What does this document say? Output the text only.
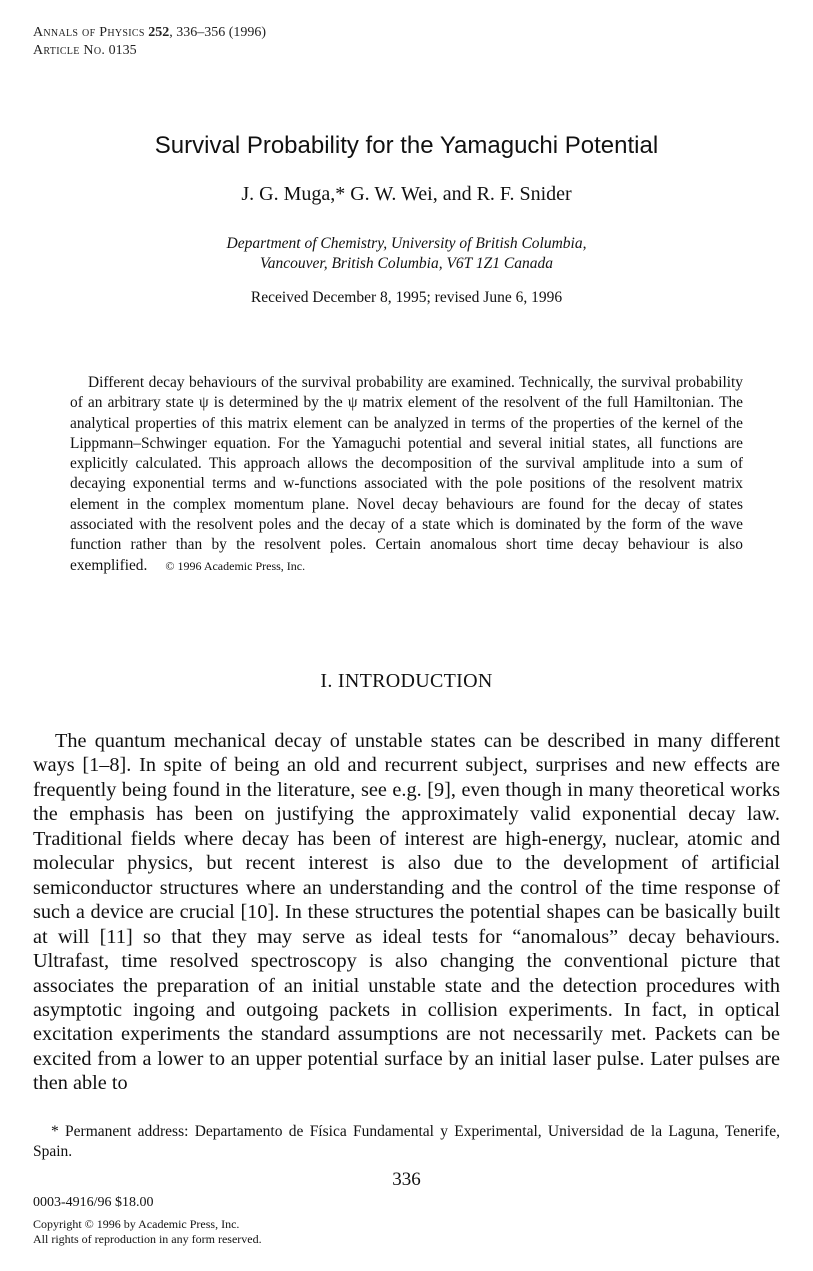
Annals of Physics 252, 336–356 (1996)
Article No. 0135
Survival Probability for the Yamaguchi Potential
J. G. Muga,* G. W. Wei, and R. F. Snider
Department of Chemistry, University of British Columbia,
Vancouver, British Columbia, V6T 1Z1 Canada
Received December 8, 1995; revised June 6, 1996
Different decay behaviours of the survival probability are examined. Technically, the survival probability of an arbitrary state ψ is determined by the ψ matrix element of the resolvent of the full Hamiltonian. The analytical properties of this matrix element can be analyzed in terms of the properties of the kernel of the Lippmann–Schwinger equation. For the Yamaguchi potential and several initial states, all functions are explicitly calculated. This approach allows the decomposition of the survival amplitude into a sum of decaying exponential terms and w-functions associated with the pole positions of the resolvent matrix element in the complex momentum plane. Novel decay behaviours are found for the decay of states associated with the resolvent poles and the decay of a state which is dominated by the form of the wave function rather than by the resolvent poles. Certain anomalous short time decay behaviour is also exemplified. © 1996 Academic Press, Inc.
I. INTRODUCTION
The quantum mechanical decay of unstable states can be described in many different ways [1–8]. In spite of being an old and recurrent subject, surprises and new effects are frequently being found in the literature, see e.g. [9], even though in many theoretical works the emphasis has been on justifying the approximately valid exponential decay law. Traditional fields where decay has been of interest are high-energy, nuclear, atomic and molecular physics, but recent interest is also due to the development of artificial semiconductor structures where an understanding and the control of the time response of such a device are crucial [10]. In these structures the potential shapes can be basically built at will [11] so that they may serve as ideal tests for “anomalous” decay behaviours. Ultrafast, time resolved spectroscopy is also changing the conventional picture that associates the preparation of an initial unstable state and the detection procedures with asymptotic ingoing and outgoing packets in collision experiments. In fact, in optical excitation experiments the standard assumptions are not necessarily met. Packets can be excited from a lower to an upper potential surface by an initial laser pulse. Later pulses are then able to
* Permanent address: Departamento de Física Fundamental y Experimental, Universidad de la Laguna, Tenerife, Spain.
336
0003-4916/96 $18.00
Copyright © 1996 by Academic Press, Inc.
All rights of reproduction in any form reserved.
